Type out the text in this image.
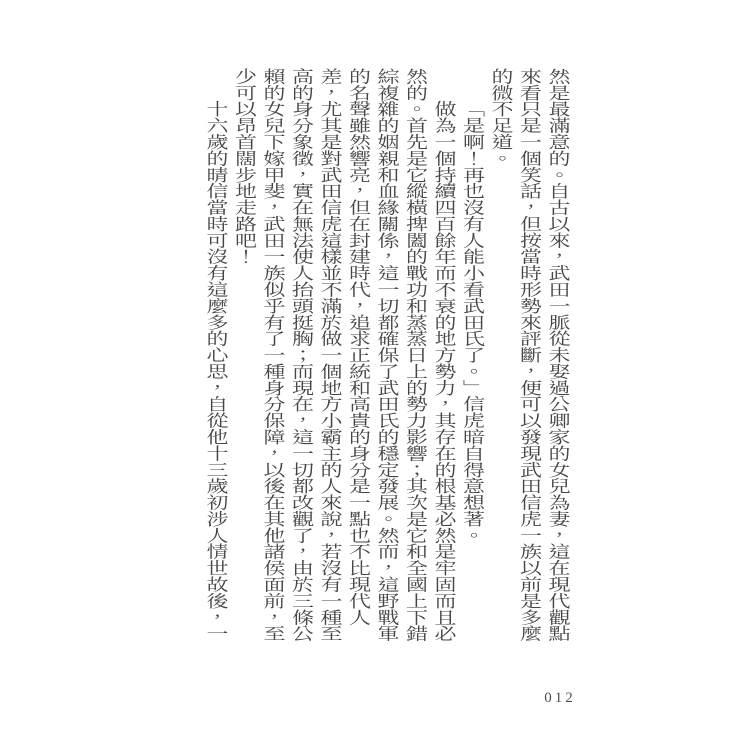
然是最滿意的。自古以來，武田一脈從未娶過公卿家的女兒為妻，這在現代觀點來看只是一個笑話，但按當時形勢來評斷，便可以發現武田信虎一族以前是多麼的微不足道。

「是啊！再也沒有人能小看武田氏了。」信虎暗自得意想著。

做為一個持續四百餘年而不衰的地方勢力，其存在的根基必然是牢固而且必然的。首先是它縱橫捭闔的戰功和蒸蒸日上的勢力影響；其次是它和全國上下錯綜複雜的姻親和血緣關係，這一切都確保了武田氏的穩定發展。然而，這野戰軍的名聲雖然響亮，但在封建時代，追求正統和高貴的身分是一點也不比現代人差，尤其是對武田信虎這樣並不滿於做一個地方小霸主的人來說，若沒有一種至高的身分象徵，實在無法使人抬頭挺胸；而現在，這一切都改觀了，由於三條公賴的女兒下嫁甲斐，武田一族似乎有了一種身分保障，以後在其他諸侯面前，至少可以昂首闊步地走路吧！

十六歲的晴信當時可沒有這麼多的心思，自從他十三歲初涉人情世故後，一

012
